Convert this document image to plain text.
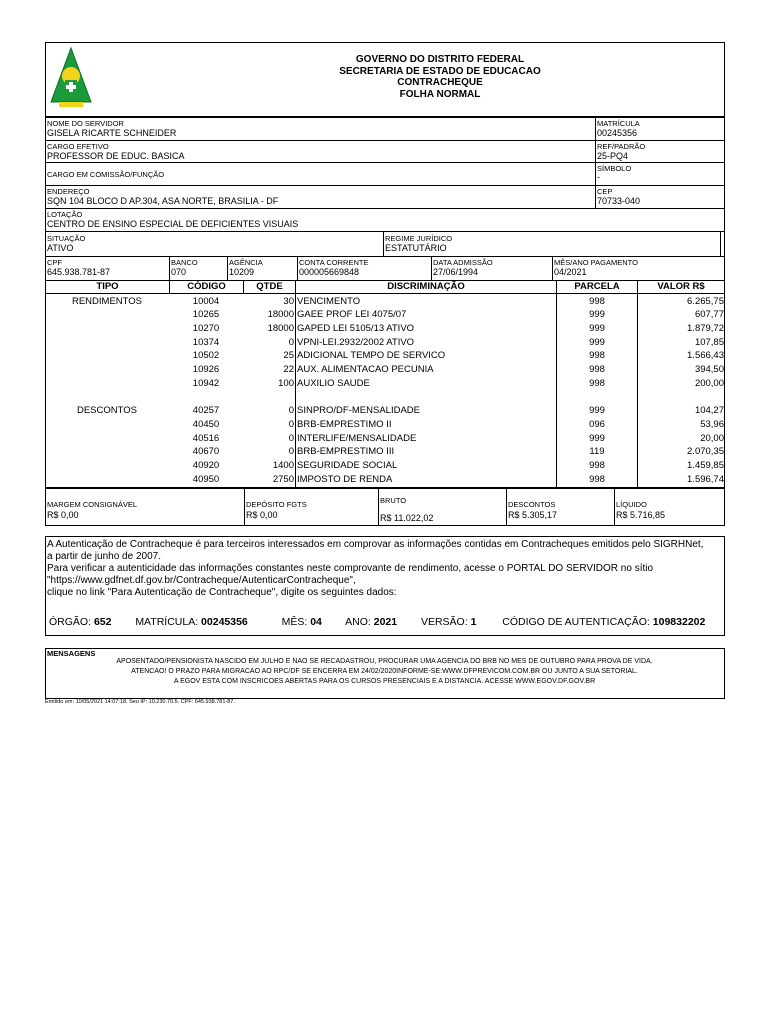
GOVERNO DO DISTRITO FEDERAL
SECRETARIA DE ESTADO DE EDUCACAO
CONTRACHEQUE
FOLHA NORMAL
NOME DO SERVIDOR
GISELA RICARTE SCHNEIDER
MATRÍCULA
00245356
CARGO EFETIVO
PROFESSOR DE EDUC. BASICA
REF/PADRÃO
25-PQ4
CARGO EM COMISSÃO/FUNÇÃO
SÍMBOLO
-
ENDEREÇO
SQN 104 BLOCO D AP.304, ASA NORTE, BRASILIA - DF
CEP
70733-040
LOTAÇÃO
CENTRO DE ENSINO ESPECIAL DE DEFICIENTES VISUAIS
SITUAÇÃO
ATIVO
REGIME JURÍDICO
ESTATUTÁRIO
CPF
645.938.781-87
BANCO
070
AGÊNCIA
10209
CONTA CORRENTE
000005669848
DATA ADMISSÃO
27/06/1994
MÊS/ANO PAGAMENTO
04/2021
TIPO	CÓDIGO	QTDE	DISCRIMINAÇÃO	PARCELA	VALOR R$
RENDIMENTOS	10004	30 VENCIMENTO	998	6.265,75
10265	18000 GAEE PROF LEI 4075/07	999	607,77
10270	18000 GAPED LEI 5105/13 ATIVO	999	1.879,72
10374	0 VPNI-LEI.2932/2002 ATIVO	999	107,85
10502	25 ADICIONAL TEMPO DE SERVICO	998	1.566,43
10926	22 AUX. ALIMENTACAO PECUNIA	998	394,50
10942	100 AUXILIO SAUDE	998	200,00
DESCONTOS	40257	0 SINPRO/DF-MENSALIDADE	999	104,27
40450	0 BRB-EMPRESTIMO II	096	53,96
40516	0 INTERLIFE/MENSALIDADE	999	20,00
40670	0 BRB-EMPRESTIMO III	119	2.070,35
40920	1400 SEGURIDADE SOCIAL	998	1.459,85
40950	2750 IMPOSTO DE RENDA	998	1.596,74
MARGEM CONSIGNÁVEL
R$ 0,00
DEPÓSITO FGTS
R$ 0,00
BRUTO
R$ 11.022,02
DESCONTOS
R$ 5.305,17
LÍQUIDO
R$ 5.716,85
A Autenticação de Contracheque é para terceiros interessados em comprovar as informações contidas em Contracheques emitidos pelo SIGRHNet,
a partir de junho de 2007.
Para verificar a autenticidade das informações constantes neste comprovante de rendimento, acesse o PORTAL DO SERVIDOR no sítio
"https://www.gdfnet.df.gov.br/Contracheque/AutenticarContracheque",
clique no link "Para Autenticação de Contracheque", digite os seguintes dados:
ÓRGÃO: 652 MATRÍCULA: 00245356	MÊS: 04 ANO: 2021 VERSÃO: 1 CÓDIGO DE AUTENTICAÇÃO: 109832202
MENSAGENS
APOSENTADO/PENSIONISTA NASCIDO EM JULHO E NAO SE RECADASTROU, PROCURAR UMA AGENCIA DO BRB NO MES DE OUTUBRO PARA PROVA DE VIDA.
ATENCAO! O PRAZO PARA MIGRACAO AO RPC/DF SE ENCERRA EM 24/02/2020INFORME-SE:WWW.DFPREVICOM.COM.BR OU JUNTO A SUA SETORIAL.
A EGOV ESTA COM INSCRICOES ABERTAS PARA OS CURSOS PRESENCIAIS E A DISTANCIA. ACESSE WWW.EGOV.DF.GOV.BR
Emitido em: 10/05/2021 14:07:18. Seu IP: 10.230.70.5. CPF: 645.938.781-87.
